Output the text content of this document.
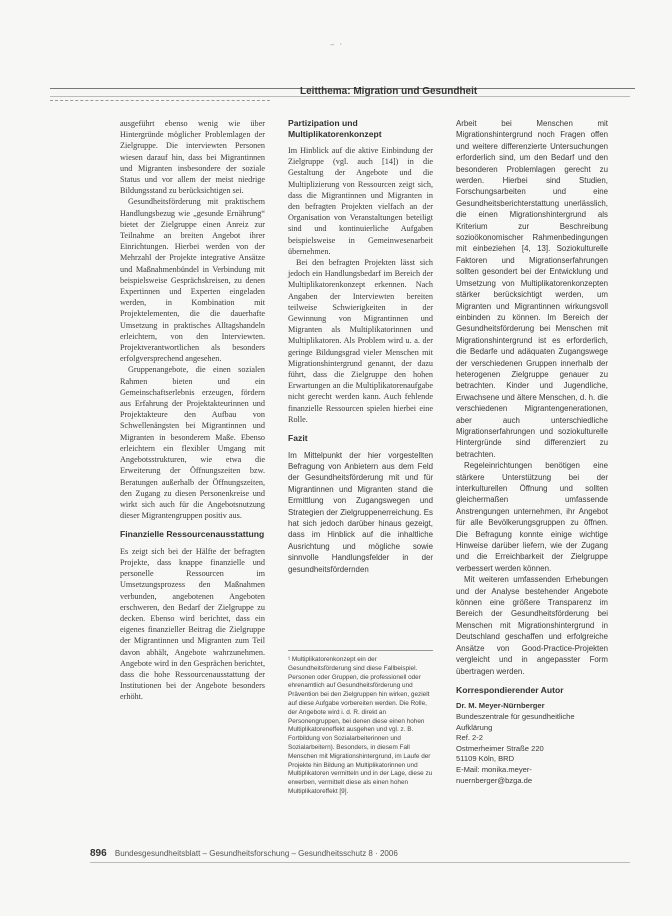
– ·
Leitthema: Migration und Gesundheit

ausgeführt ebenso wenig wie über Hintergründe möglicher Problemlagen der Zielgruppe. Die interviewten Personen wiesen darauf hin, dass bei Migrantinnen und Migranten insbesondere der soziale Status und vor allem der meist niedrige Bildungsstand zu berücksichtigen sei.

Gesundheitsförderung mit praktischem Handlungsbezug wie „gesunde Ernährung“ bietet der Zielgruppe einen Anreiz zur Teilnahme an breiten Angebot ihrer Einrichtungen. Hierbei werden von der Mehrzahl der Projekte integrative Ansätze und Maßnahmenbündel in Verbindung mit beispielsweise Gesprächskreisen, zu denen Expertinnen und Experten eingeladen werden, in Kombination mit Projektelementen, die die dauerhafte Umsetzung in praktisches Alltagshandeln erleichtern, von den Interviewten. Projektverantwortlichen als besonders erfolgversprechend angesehen.

Gruppenangebote, die einen sozialen Rahmen bieten und ein Gemeinschaftserlebnis erzeugen, fördern aus Erfahrung der Projektakteurinnen und Projektakteure den Aufbau von Schwellenängsten bei Migrantinnen und Migranten in besonderem Maße. Ebenso erleichtern ein flexibler Umgang mit Angebotsstrukturen, wie etwa die Erweiterung der Öffnungszeiten bzw. Beratungen außerhalb der Öffnungszeiten, den Zugang zu diesen Personenkreise und wirkt sich auch für die Angebotsnutzung dieser Migrantengruppen positiv aus.

Finanzielle Ressourcenausstattung

Es zeigt sich bei der Hälfte der befragten Projekte, dass knappe finanzielle und personelle Ressourcen im Umsetzungsprozess den Maßnahmen verbunden, angebotenen Angeboten erschweren, den Bedarf der Zielgruppe zu decken. Ebenso wird berichtet, dass ein eigenes finanzieller Beitrag die Zielgruppe der Migrantinnen und Migranten zum Teil davon abhält, Angebote wahrzunehmen. Angebote wird in den Gesprächen berichtet, dass die hohe Ressourcenausstattung der Institutionen bei der Angebote besonders erhöht.

Partizipation und Multiplikatorenkonzept

Im Hinblick auf die aktive Einbindung der Zielgruppe (vgl. auch [14]) in die Gestaltung der Angebote und die Multiplizierung von Ressourcen zeigt sich, dass die Migrantinnen und Migranten in den befragten Projekten vielfach an der Organisation von Veranstaltungen beteiligt sind und kontinuierliche Aufgaben beispielsweise in Gemeinwesenarbeit übernehmen.

Bei den befragten Projekten lässt sich jedoch ein Handlungsbedarf im Bereich der Multiplikatorenkonzept erkennen. Nach Angaben der Interviewten bereiten teilweise Schwierigkeiten in der Gewinnung von Migrantinnen und Migranten als Multiplikatorinnen und Multiplikatoren. Als Problem wird u. a. der geringe Bildungsgrad vieler Menschen mit Migrationshintergrund genannt, der dazu führt, dass die Zielgruppe den hohen Erwartungen an die Multiplikatorenaufgabe nicht gerecht werden kann. Auch fehlende finanzielle Ressourcen spielen hierbei eine Rolle.

Fazit

Im Mittelpunkt der hier vorgestellten Befragung von Anbietern aus dem Feld der Gesundheitsförderung mit und für Migrantinnen und Migranten stand die Ermittlung von Zugangswegen und Strategien der Zielgruppenerreichung. Es hat sich jedoch darüber hinaus gezeigt, dass im Hinblick auf die inhaltliche Ausrichtung und mögliche sowie sinnvolle Handlungsfelder in der gesundheitsfördernden

¹ Multiplikatorenkonzept ein der Gesundheitsförderung sind diese Fallbeispiel. Personen oder Gruppen, die professionell oder ehrenamtlich auf Gesundheitsförderung und Prävention bei den Zielgruppen hin wirken, gezielt auf diese Aufgabe vorbereiten werden. Die Rolle, der Angebote wird i. d. R. direkt an Personengruppen, bei denen diese einen hohen Multiplikatoreneffekt ausgehen und vgl. z. B. Fortbildung von Sozialarbeiterinnen und Sozialarbeitern). Besonders, in diesem Fall Menschen mit Migrationshintergrund, im Laufe der Projekte hin Bildung an Multiplikatorinnen und Multiplikatoren vermitteln und in der Lage, diese zu erwerben, vermittelt diese als einen hohen Multiplikatoreffekt [9].

Arbeit bei Menschen mit Migrationshintergrund noch Fragen offen und weitere differenzierte Untersuchungen erforderlich sind, um den Bedarf und den besonderen Problemlagen gerecht zu werden. Hierbei sind Studien, Forschungsarbeiten und eine Gesundheitsberichterstattung unerlässlich, die einen Migrationshintergrund als Kriterium zur Beschreibung sozioökonomischer Rahmenbedingungen mit einbeziehen [4, 13]. Soziokulturelle Faktoren und Migrationserfahrungen sollten gesondert bei der Entwicklung und Umsetzung von Multiplikatorenkonzepten stärker berücksichtigt werden, um Migranten und Migrantinnen wirkungsvoll einbinden zu können. Im Bereich der Gesundheitsförderung bei Menschen mit Migrationshintergrund ist es erforderlich, die Bedarfe und adäquaten Zugangswege der verschiedenen Gruppen innerhalb der heterogenen Zielgruppe genauer zu betrachten. Kinder und Jugendliche, Erwachsene und ältere Menschen, d. h. die verschiedenen Migrantengenerationen, aber auch unterschiedliche Migrationserfahrungen und soziokulturelle Hintergründe sind differenziert zu betrachten.

Regeleinrichtungen benötigen eine stärkere Unterstützung bei der interkulturellen Öffnung und sollten gleichermaßen umfassende Anstrengungen unternehmen, ihr Angebot für alle Bevölkerungsgruppen zu öffnen. Die Befragung konnte einige wichtige Hinweise darüber liefern, wie der Zugang und die Erreichbarkeit der Zielgruppe verbessert werden können.

Mit weiteren umfassenden Erhebungen und der Analyse bestehender Angebote können eine größere Transparenz im Bereich der Gesundheitsförderung bei Menschen mit Migrationshintergrund in Deutschland geschaffen und erfolgreiche Ansätze von Good-Practice-Projekten vergleicht und in angepasster Form übertragen werden.

Korrespondierender Autor
Dr. M. Meyer-Nürnberger
Bundeszentrale für gesundheitliche Aufklärung
Ref. 2-2
Ostmerheimer Straße 220
51109 Köln, BRD
E-Mail: monika.meyer-nuernberger@bzga.de
896 Bundesgesundheitsblatt – Gesundheitsforschung – Gesundheitsschutz 8 · 2006
